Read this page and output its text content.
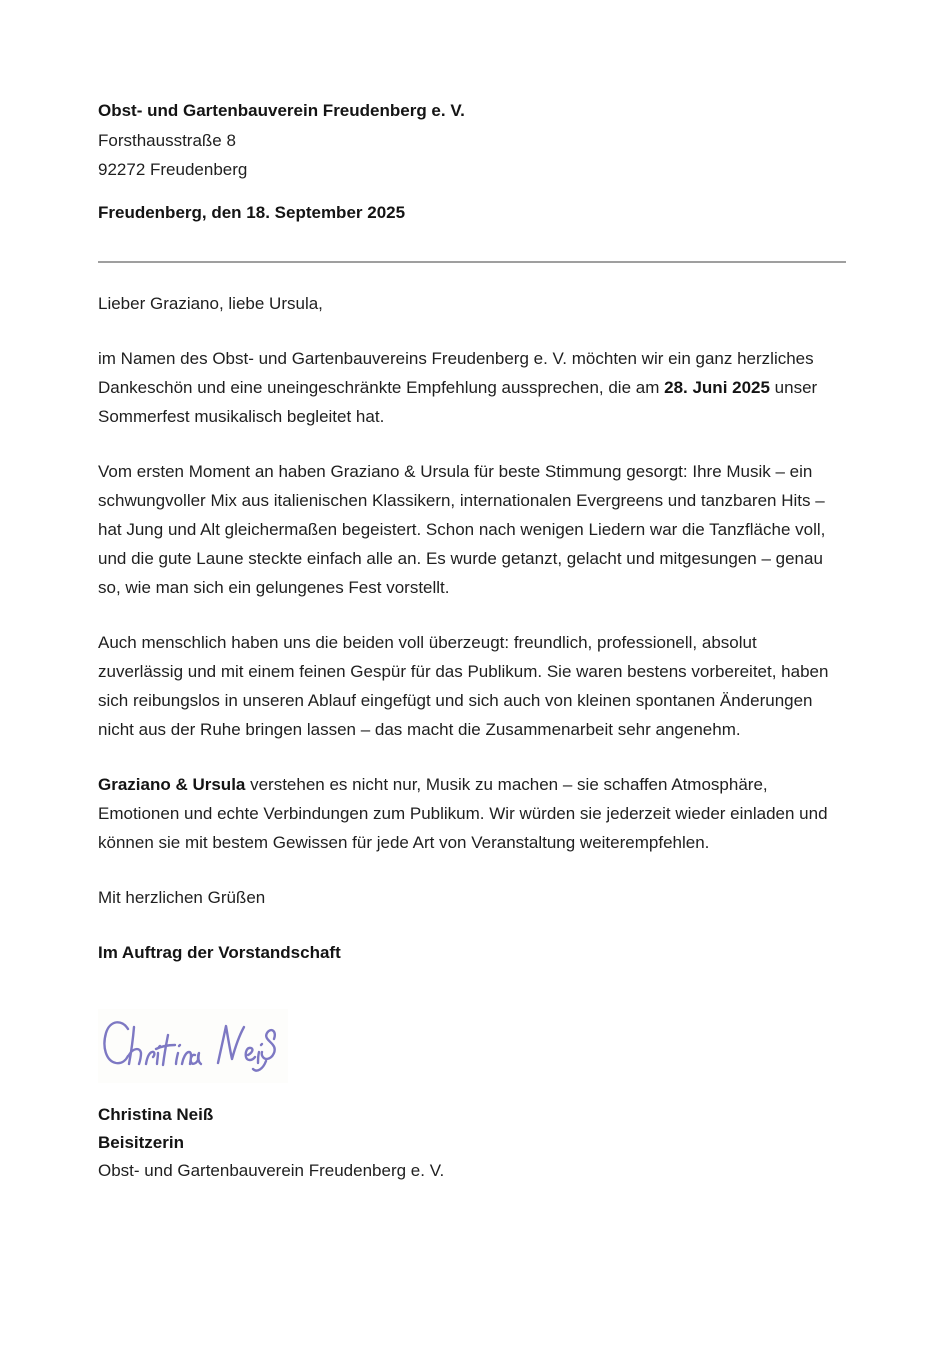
Obst- und Gartenbauverein Freudenberg e. V.
Forsthausstraße 8
92272 Freudenberg
Freudenberg, den 18. September 2025

Lieber Graziano, liebe Ursula,

im Namen des Obst- und Gartenbauvereins Freudenberg e. V. möchten wir ein ganz herzliches Dankeschön und eine uneingeschränkte Empfehlung aussprechen, die am 28. Juni 2025 unser Sommerfest musikalisch begleitet hat.

Vom ersten Moment an haben Graziano & Ursula für beste Stimmung gesorgt: Ihre Musik – ein schwungvoller Mix aus italienischen Klassikern, internationalen Evergreens und tanzbaren Hits – hat Jung und Alt gleichermaßen begeistert. Schon nach wenigen Liedern war die Tanzfläche voll, und die gute Laune steckte einfach alle an. Es wurde getanzt, gelacht und mitgesungen – genau so, wie man sich ein gelungenes Fest vorstellt.

Auch menschlich haben uns die beiden voll überzeugt: freundlich, professionell, absolut zuverlässig und mit einem feinen Gespür für das Publikum. Sie waren bestens vorbereitet, haben sich reibungslos in unseren Ablauf eingefügt und sich auch von kleinen spontanen Änderungen nicht aus der Ruhe bringen lassen – das macht die Zusammenarbeit sehr angenehm.

Graziano & Ursula verstehen es nicht nur, Musik zu machen – sie schaffen Atmosphäre, Emotionen und echte Verbindungen zum Publikum. Wir würden sie jederzeit wieder einladen und können sie mit bestem Gewissen für jede Art von Veranstaltung weiterempfehlen.

Mit herzlichen Grüßen

Im Auftrag der Vorstandschaft
Christina Neiß
Beisitzerin
Obst- und Gartenbauverein Freudenberg e. V.
